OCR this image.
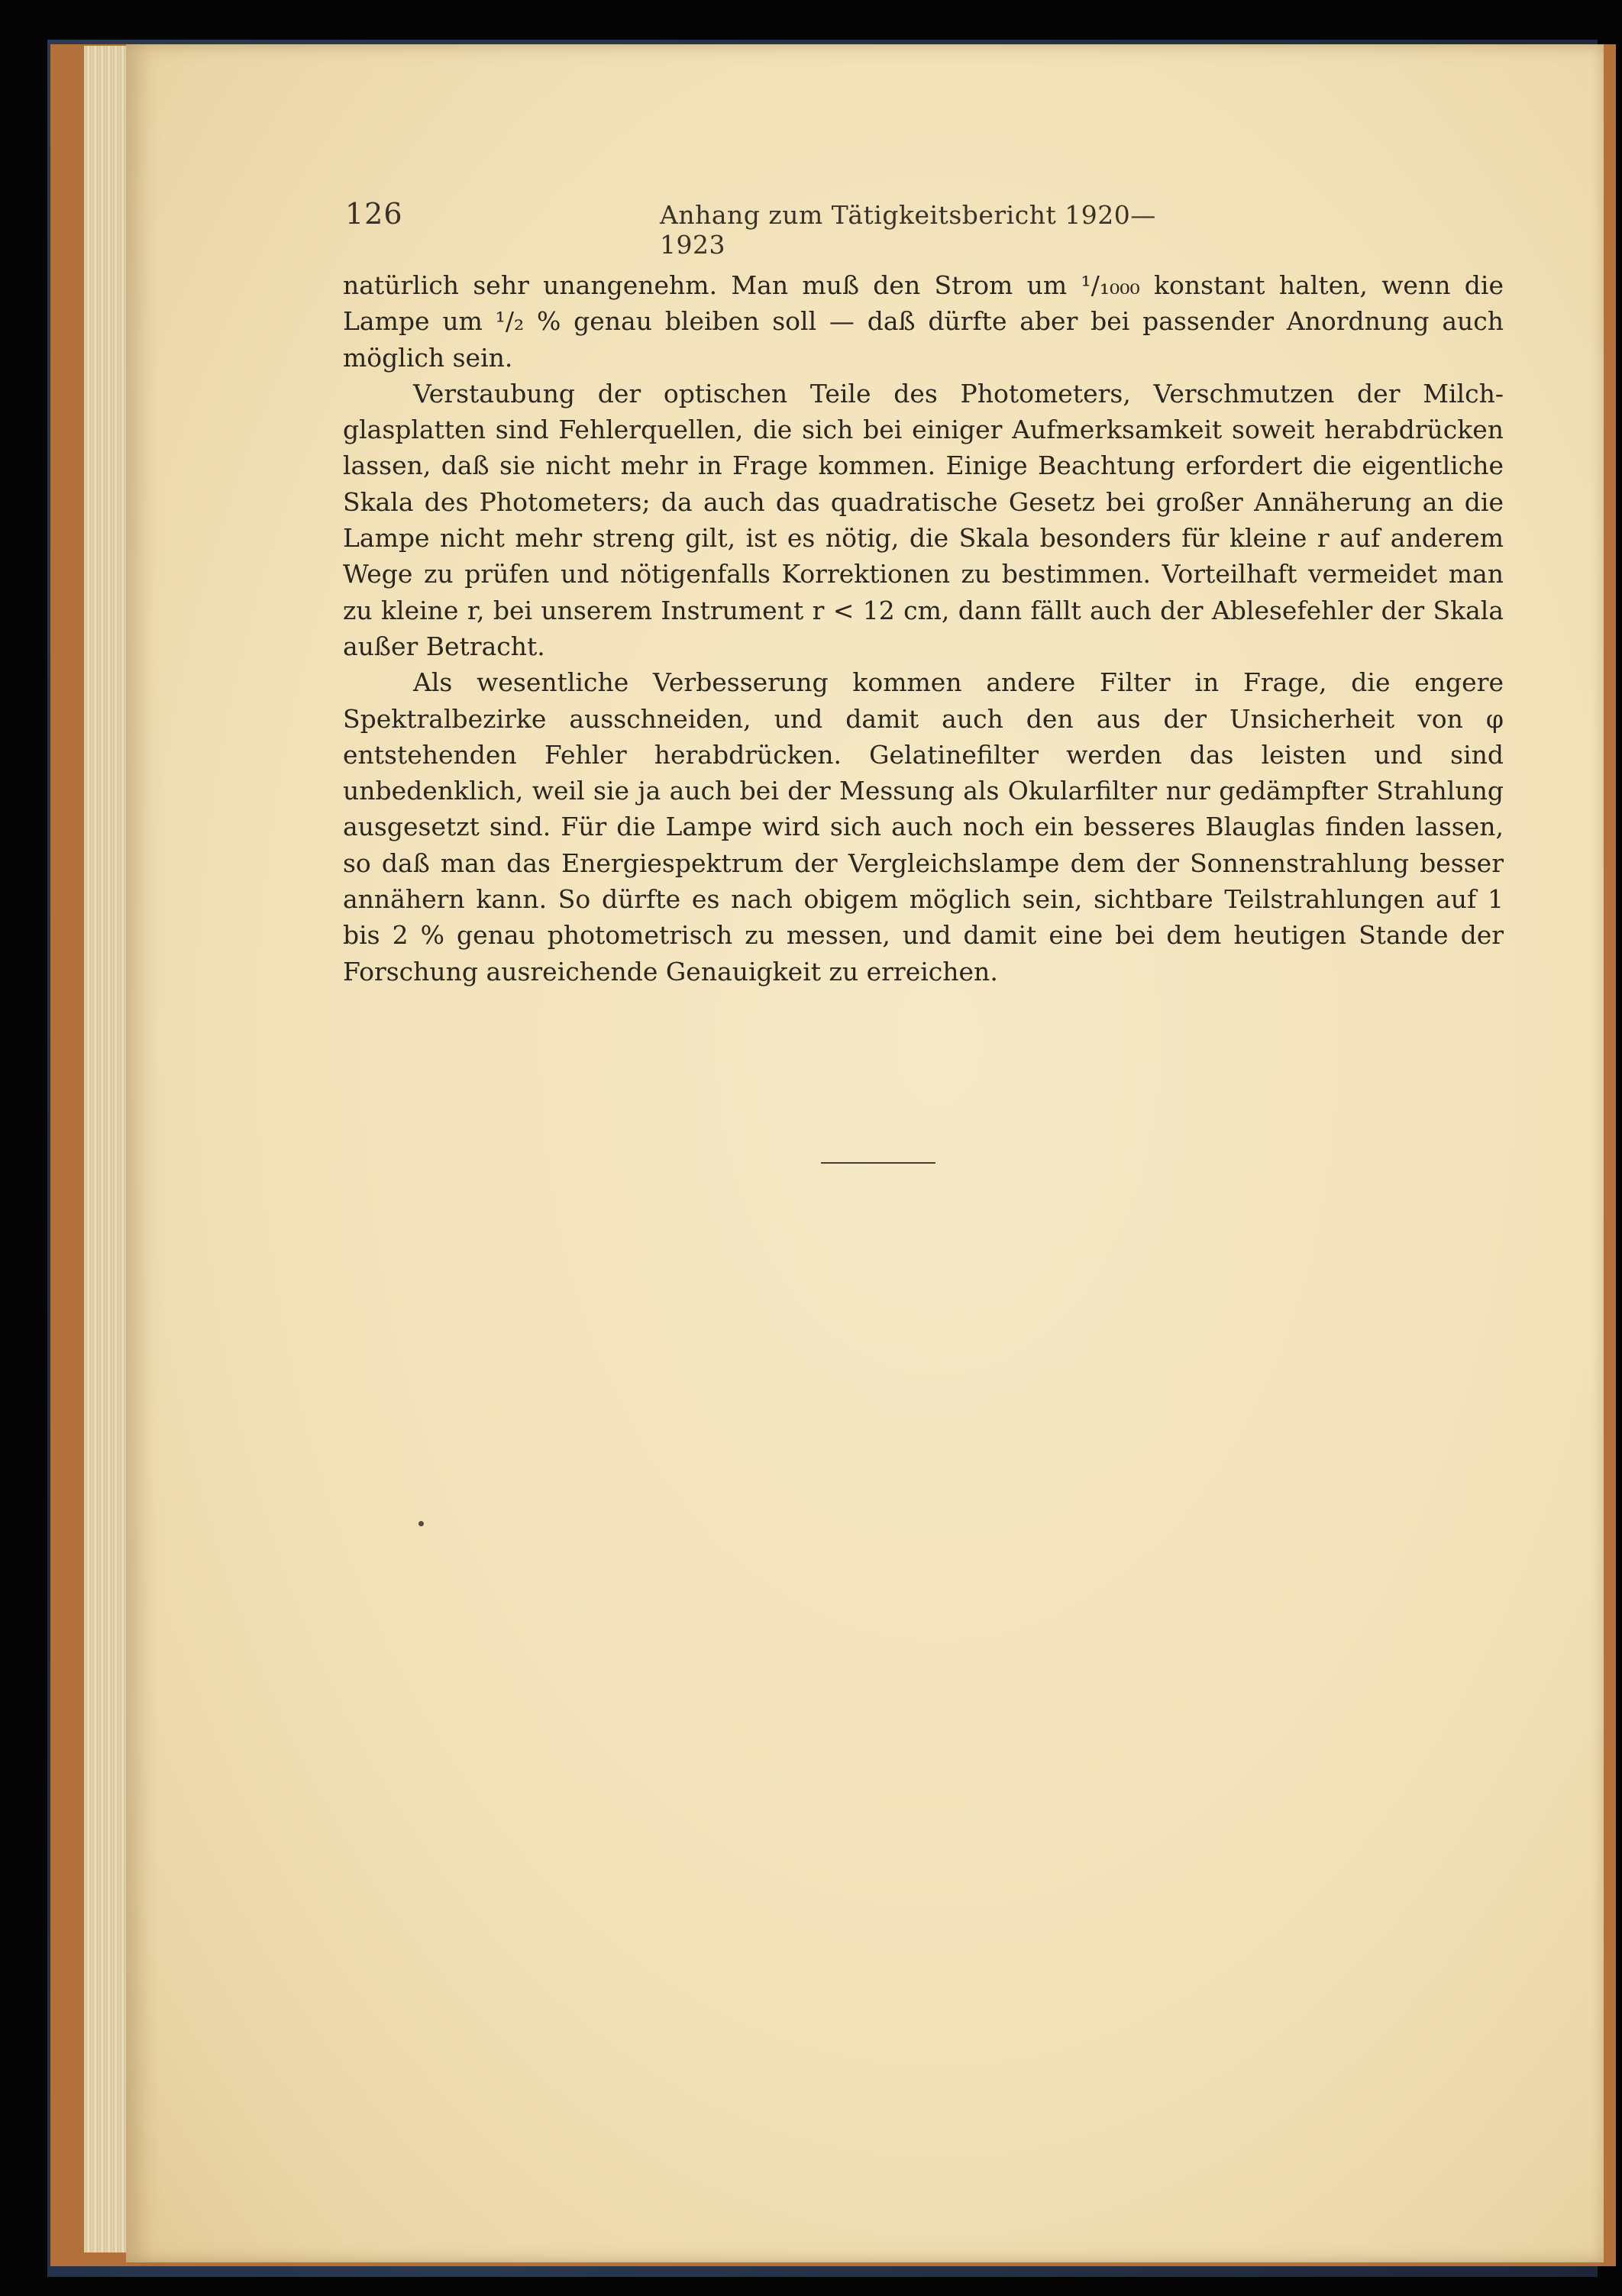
126	Anhang zum Tätigkeitsbericht 1920—1923

natürlich sehr unangenehm. Man muß den Strom um ¹/₁₀₀₀ konstant halten, wenn die Lampe um ¹/₂ % genau bleiben soll — daß dürfte aber bei passender Anordnung auch möglich sein.

Verstaubung der optischen Teile des Photometers, Verschmutzen der Milch- glasplatten sind Fehlerquellen, die sich bei einiger Aufmerksamkeit soweit herabdrücken lassen, daß sie nicht mehr in Frage kommen. Einige Beachtung erfordert die eigentliche Skala des Photometers; da auch das quadratische Gesetz bei großer Annäherung an die Lampe nicht mehr streng gilt, ist es nötig, die Skala besonders für kleine r auf anderem Wege zu prüfen und nötigenfalls Korrektionen zu bestimmen. Vorteilhaft vermeidet man zu kleine r, bei unserem Instrument r < 12 cm, dann fällt auch der Ablesefehler der Skala außer Betracht.

Als wesentliche Verbesserung kommen andere Filter in Frage, die engere Spektralbezirke ausschneiden, und damit auch den aus der Unsicherheit von φ entstehenden Fehler herabdrücken. Gelatinefilter werden das leisten und sind unbedenklich, weil sie ja auch bei der Messung als Okularfilter nur gedämpfter Strahlung ausgesetzt sind. Für die Lampe wird sich auch noch ein besseres Blauglas finden lassen, so daß man das Energiespektrum der Vergleichslampe dem der Sonnenstrahlung besser annähern kann. So dürfte es nach obigem möglich sein, sichtbare Teilstrahlungen auf 1 bis 2 % genau photometrisch zu messen, und damit eine bei dem heutigen Stande der Forschung ausreichende Genauigkeit zu erreichen.
